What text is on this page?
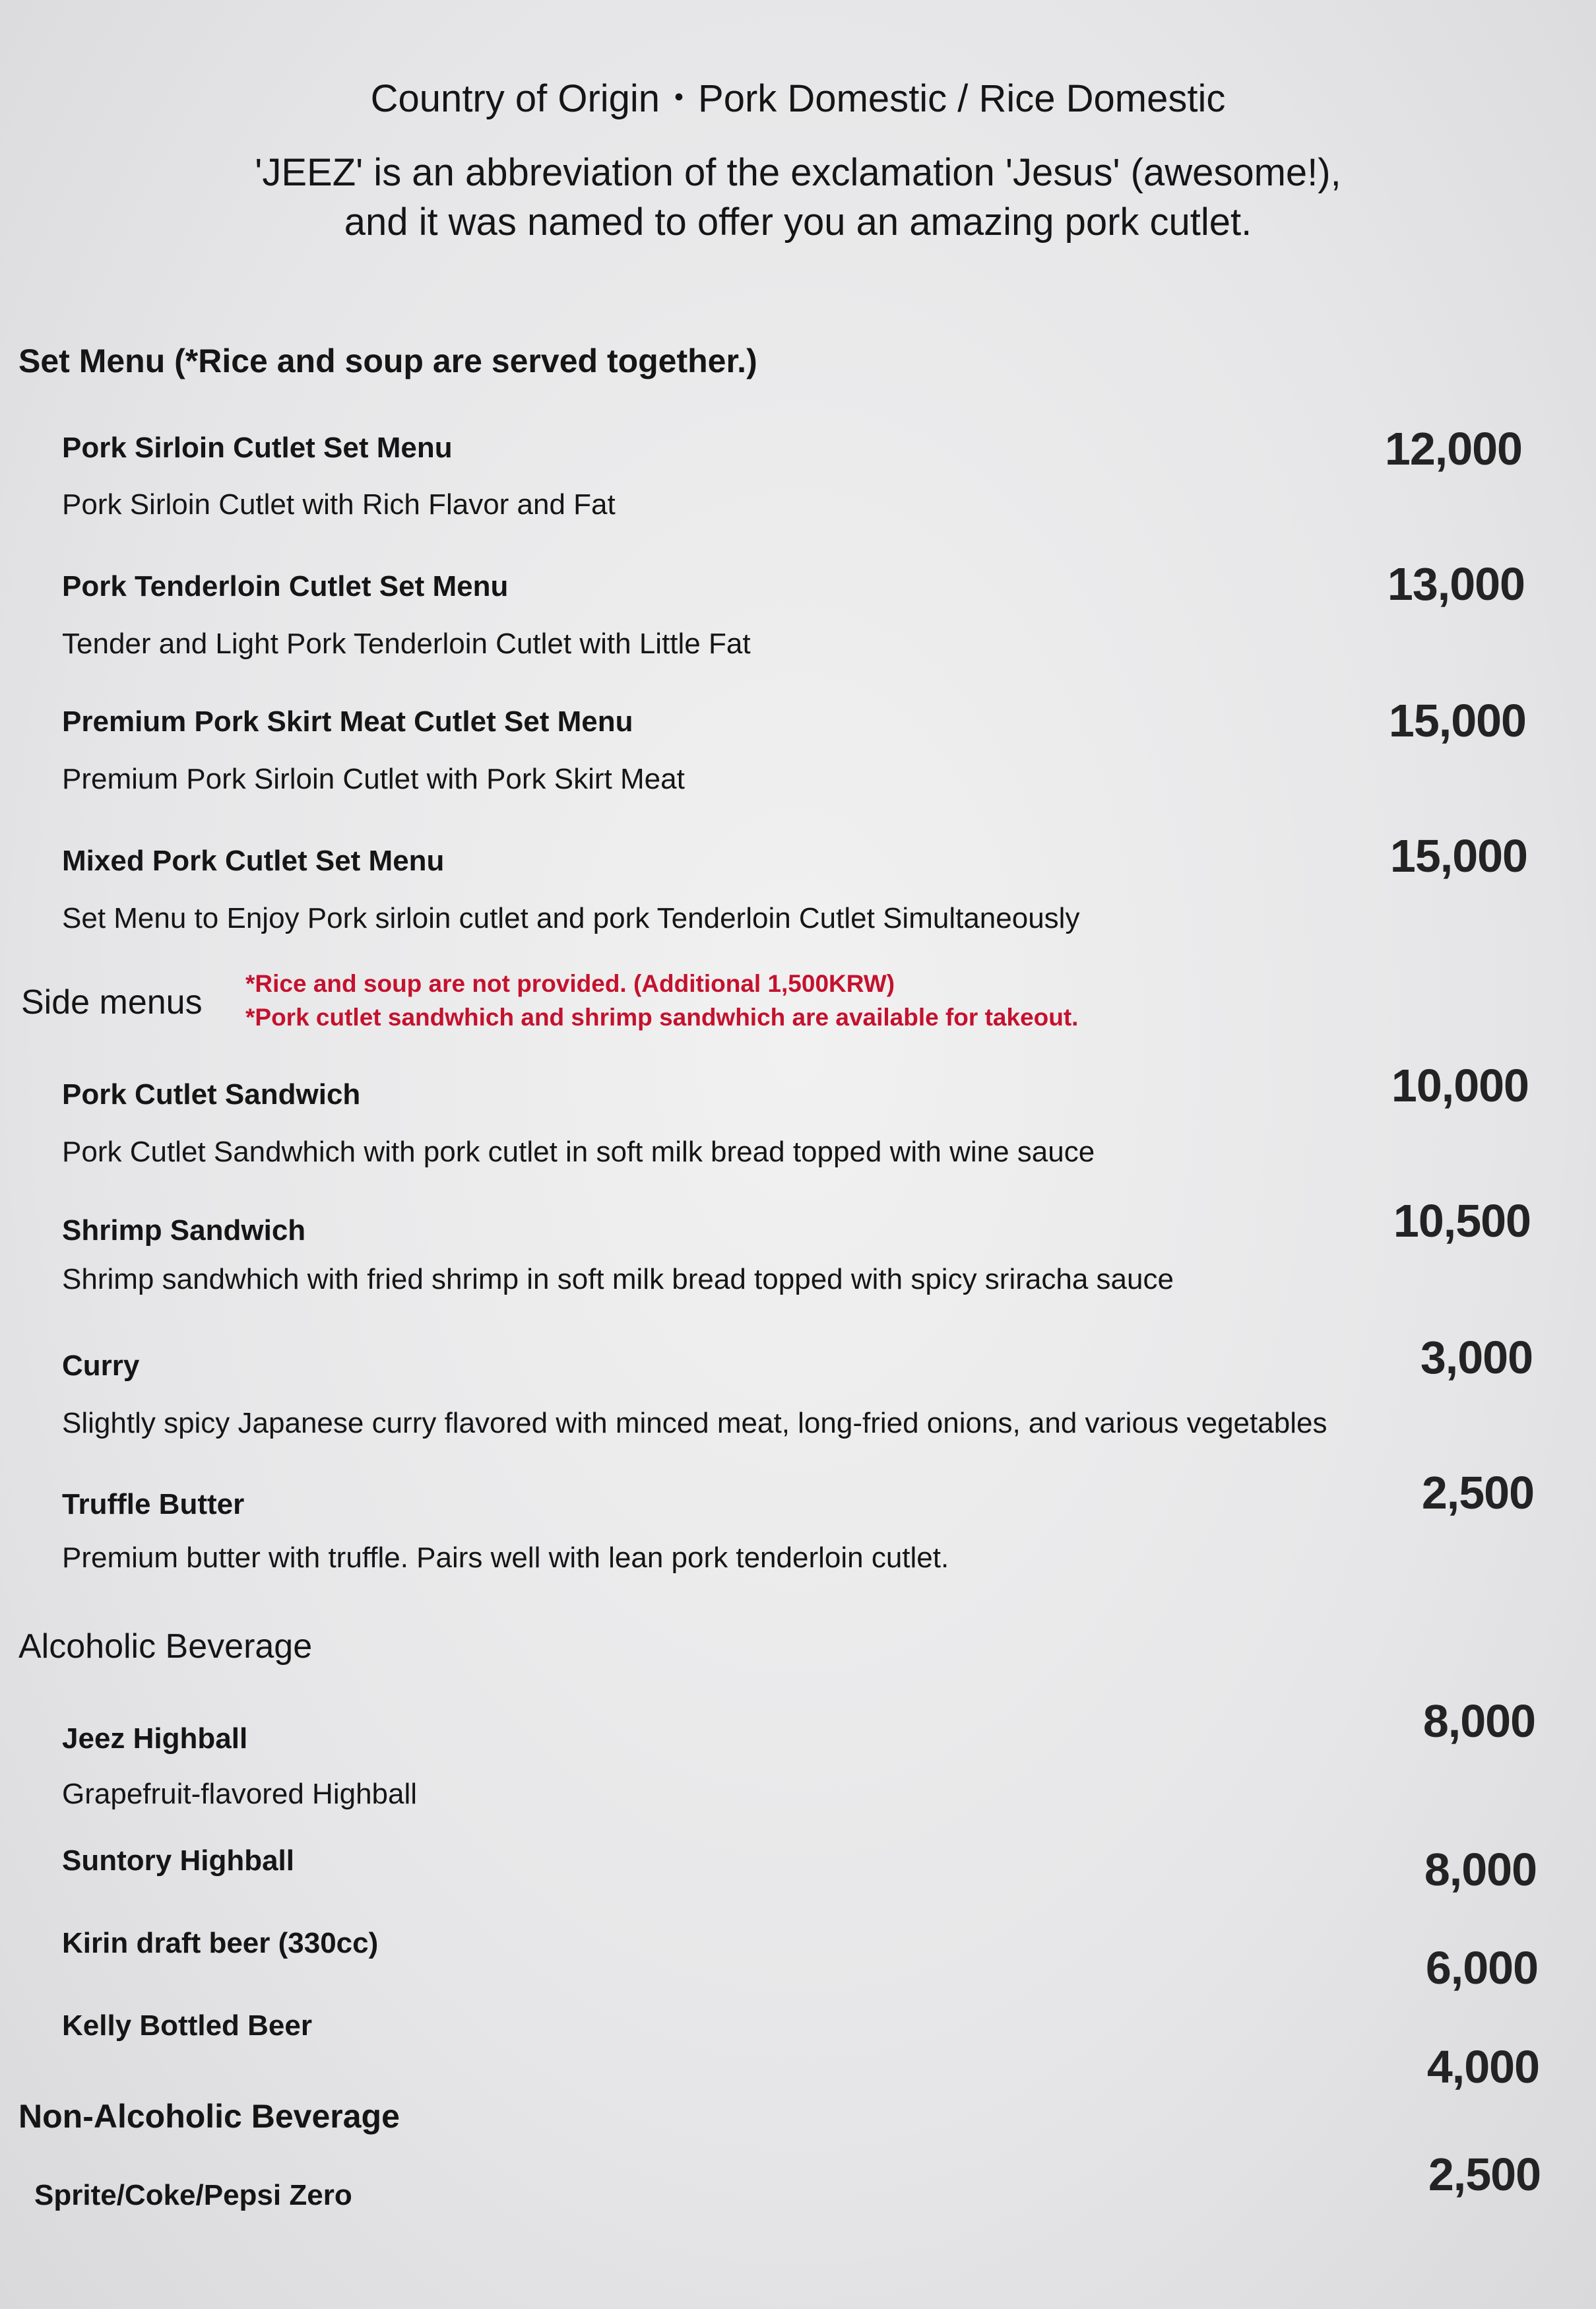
Country of Origin・Pork Domestic / Rice Domestic
'JEEZ' is an abbreviation of the exclamation 'Jesus' (awesome!),
and it was named to offer you an amazing pork cutlet.
Set Menu (*Rice and soup are served together.)
Pork Sirloin Cutlet Set Menu
Pork Sirloin Cutlet with Rich Flavor and Fat
12,000
Pork Tenderloin Cutlet Set Menu
Tender and Light Pork Tenderloin Cutlet with Little Fat
13,000
Premium Pork Skirt Meat Cutlet Set Menu
Premium Pork Sirloin Cutlet with Pork Skirt Meat
15,000
Mixed Pork Cutlet Set Menu
Set Menu to Enjoy Pork sirloin cutlet and pork Tenderloin Cutlet Simultaneously
15,000
Side menus *Rice and soup are not provided. (Additional 1,500KRW)
*Pork cutlet sandwhich and shrimp sandwhich are available for takeout.
Pork Cutlet Sandwich
Pork Cutlet Sandwhich with pork cutlet in soft milk bread topped with wine sauce
10,000
Shrimp Sandwich
Shrimp sandwhich with fried shrimp in soft milk bread topped with spicy sriracha sauce
10,500
Curry
Slightly spicy Japanese curry flavored with minced meat, long-fried onions, and various vegetables
3,000
Truffle Butter
Premium butter with truffle. Pairs well with lean pork tenderloin cutlet.
2,500
Alcoholic Beverage
Jeez Highball
Grapefruit-flavored Highball
8,000
Suntory Highball	8,000
Kirin draft beer (330cc)	6,000
Kelly Bottled Beer
4,000
Non-Alcoholic Beverage
Sprite/Coke/Pepsi Zero	2,500
